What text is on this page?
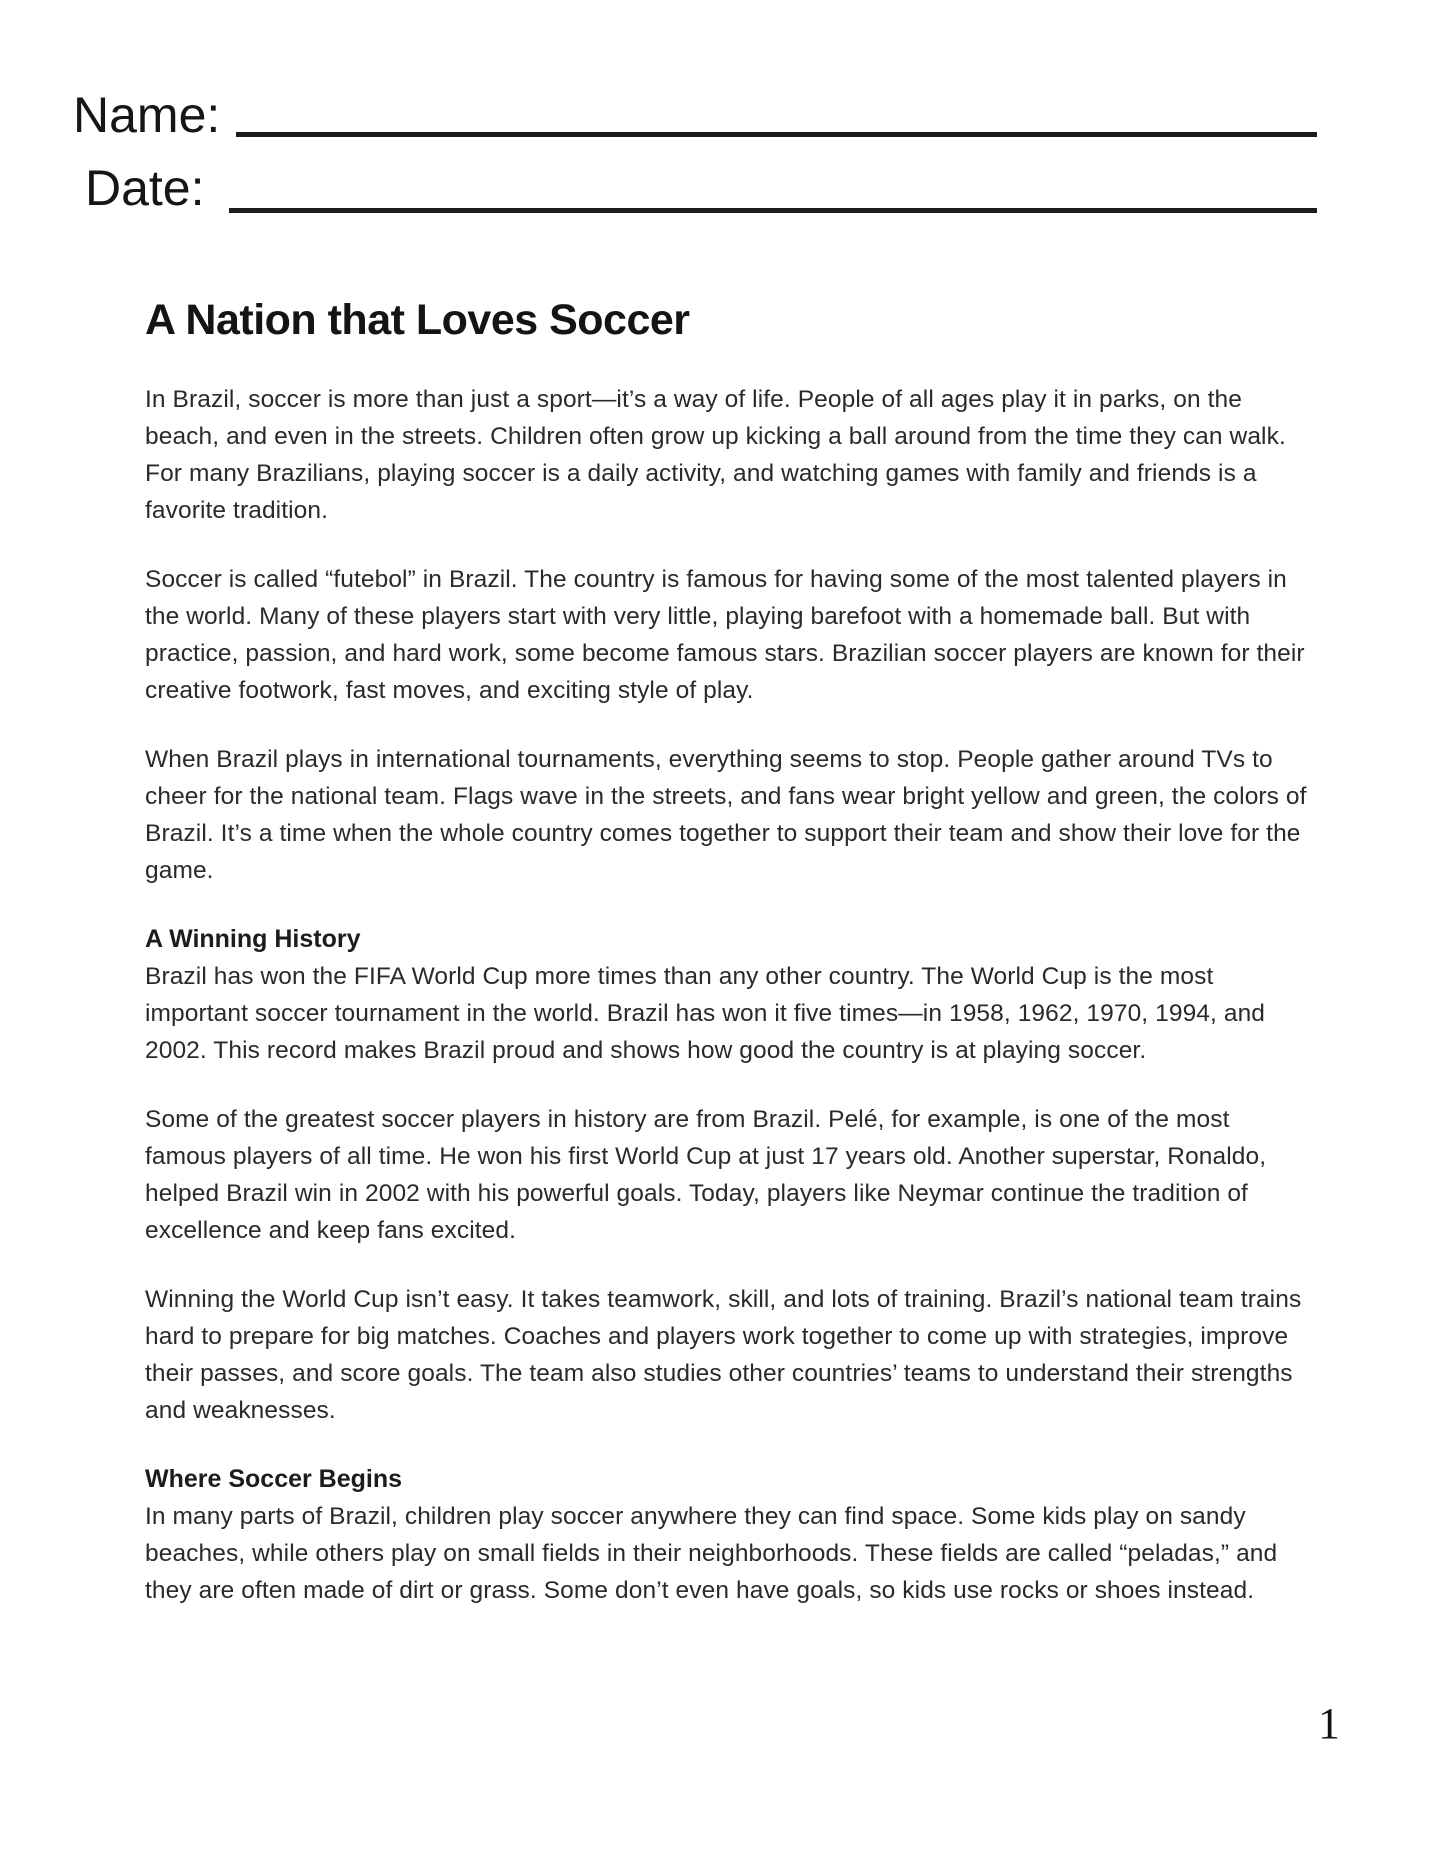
Name:
Date:
A Nation that Loves Soccer

In Brazil, soccer is more than just a sport—it’s a way of life. People of all ages play it in parks, on the beach, and even in the streets. Children often grow up kicking a ball around from the time they can walk. For many Brazilians, playing soccer is a daily activity, and watching games with family and friends is a favorite tradition.

Soccer is called “futebol” in Brazil. The country is famous for having some of the most talented players in the world. Many of these players start with very little, playing barefoot with a homemade ball. But with practice, passion, and hard work, some become famous stars. Brazilian soccer players are known for their creative footwork, fast moves, and exciting style of play.

When Brazil plays in international tournaments, everything seems to stop. People gather around TVs to cheer for the national team. Flags wave in the streets, and fans wear bright yellow and green, the colors of Brazil. It’s a time when the whole country comes together to support their team and show their love for the game.

A Winning History

Brazil has won the FIFA World Cup more times than any other country. The World Cup is the most important soccer tournament in the world. Brazil has won it five times—in 1958, 1962, 1970, 1994, and 2002. This record makes Brazil proud and shows how good the country is at playing soccer.

Some of the greatest soccer players in history are from Brazil. Pelé, for example, is one of the most famous players of all time. He won his first World Cup at just 17 years old. Another superstar, Ronaldo, helped Brazil win in 2002 with his powerful goals. Today, players like Neymar continue the tradition of excellence and keep fans excited.

Winning the World Cup isn’t easy. It takes teamwork, skill, and lots of training. Brazil’s national team trains hard to prepare for big matches. Coaches and players work together to come up with strategies, improve their passes, and score goals. The team also studies other countries’ teams to understand their strengths and weaknesses.

Where Soccer Begins

In many parts of Brazil, children play soccer anywhere they can find space. Some kids play on sandy beaches, while others play on small fields in their neighborhoods. These fields are called “peladas,” and they are often made of dirt or grass. Some don’t even have goals, so kids use rocks or shoes instead.

1
